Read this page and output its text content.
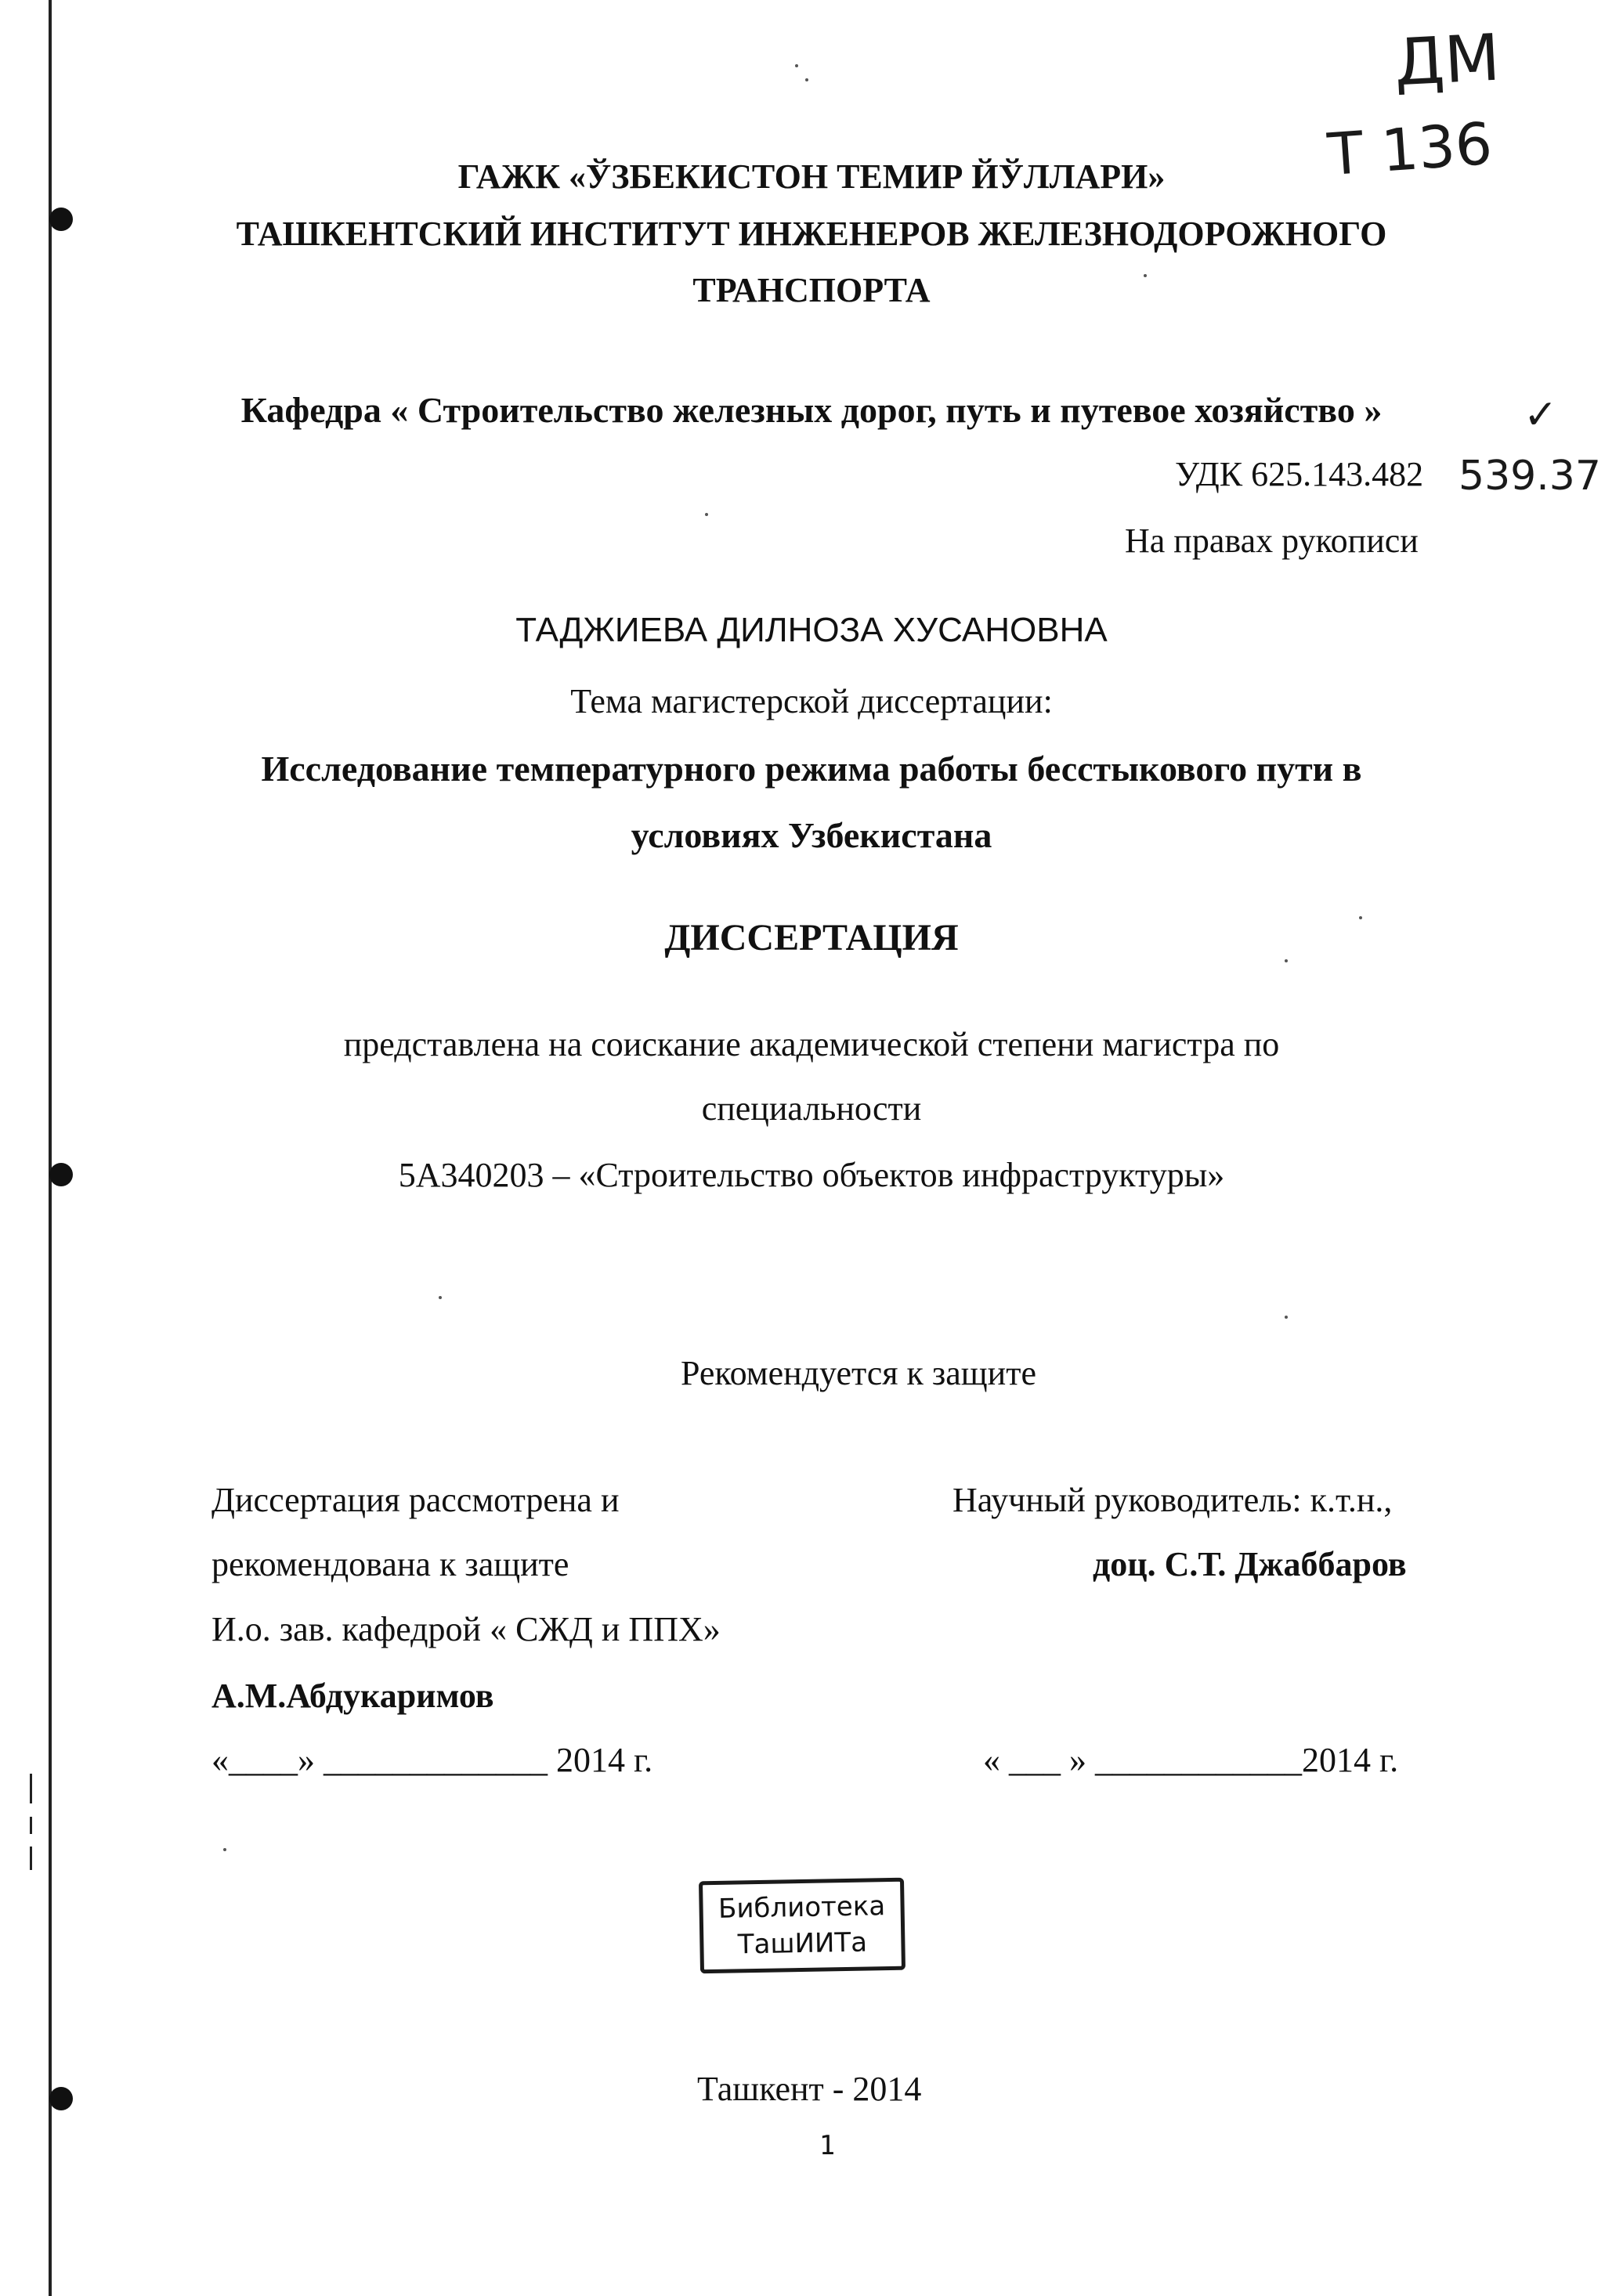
ДМ
Т 136
✓
ГАЖК «ЎЗБЕКИСТОН ТЕМИР ЙЎЛЛАРИ»
ТАШКЕНТСКИЙ ИНСТИТУТ ИНЖЕНЕРОВ ЖЕЛЕЗНОДОРОЖНОГО
ТРАНСПОРТА
Кафедра « Строительство железных дорог, путь и путевое хозяйство »
УДК 625.143.482 539.37
На правах рукописи
ТАДЖИЕВА ДИЛНОЗА ХУСАНОВНА
Тема магистерской диссертации:
Исследование температурного режима работы бесстыкового пути в
условиях Узбекистана
ДИССЕРТАЦИЯ
представлена на соискание академической степени магистра по
специальности
5А340203 – «Строительство объектов инфраструктуры»
Рекомендуется к защите
Диссертация рассмотрена и
рекомендована к защите
И.о. зав. кафедрой « СЖД и ППХ»
А.М.Абдукаримов
«____» _____________ 2014 г.
Научный руководитель: к.т.н.,
доц. С.Т. Джаббаров
« ___ » ____________2014 г.
Библиотека
ТашИИТа
Ташкент - 2014
1
